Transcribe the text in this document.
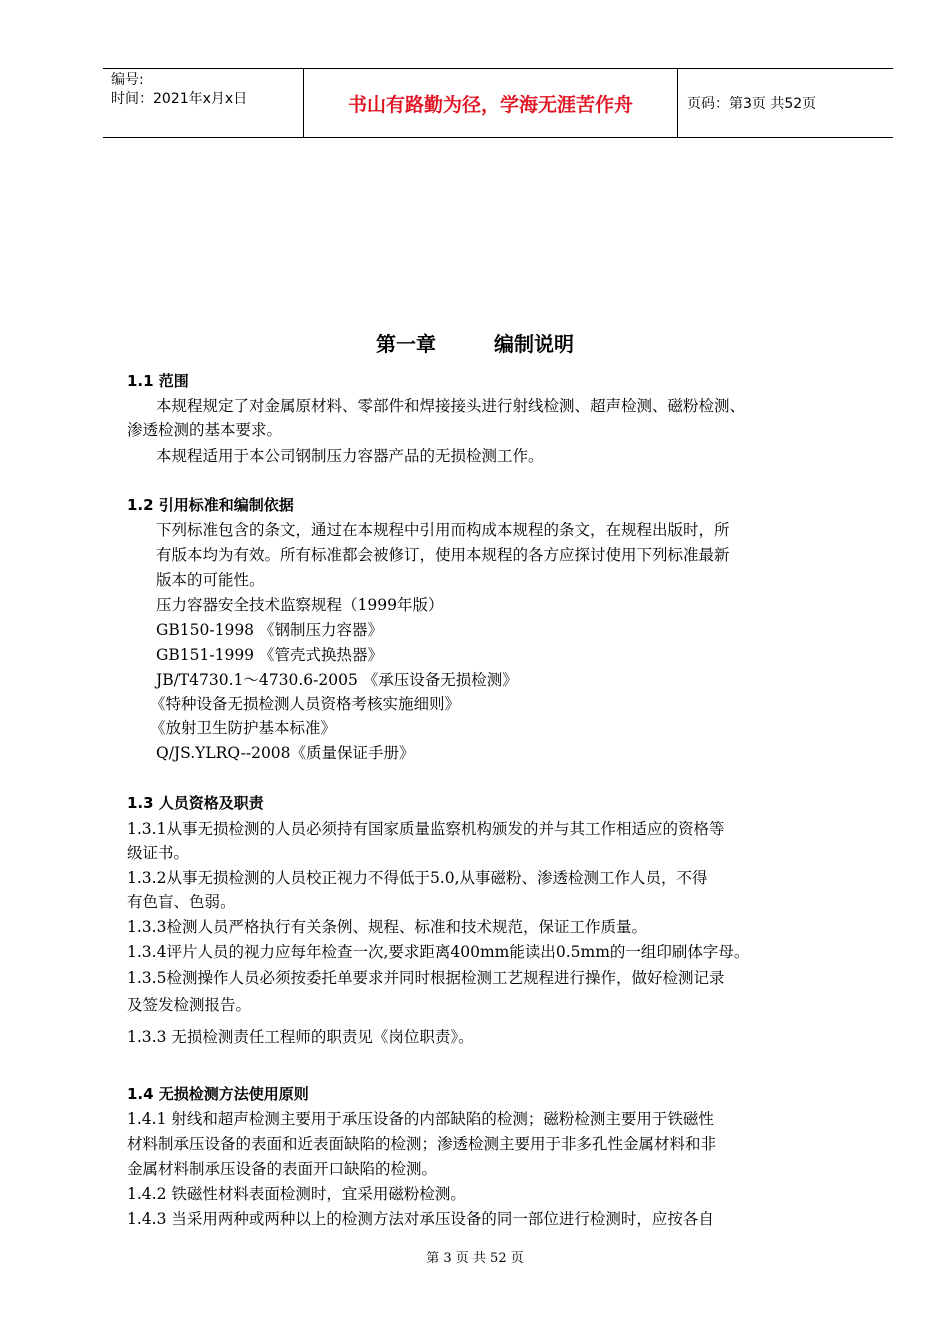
编号:
时间：2021年x月x日	书山有路勤为径，学海无涯苦作舟	页码：第3页 共52页
第一章	编制说明
1.1 范围
本规程规定了对金属原材料、零部件和焊接接头进行射线检测、超声检测、磁粉检测、
渗透检测的基本要求。
本规程适用于本公司钢制压力容器产品的无损检测工作。
1.2 引用标准和编制依据
下列标准包含的条文，通过在本规程中引用而构成本规程的条文，在规程出版时，所
有版本均为有效。所有标准都会被修订，使用本规程的各方应探讨使用下列标准最新
版本的可能性。
压力容器安全技术监察规程（1999年版）
GB150-1998 《钢制压力容器》
GB151-1999 《管壳式换热器》
JB/T4730.1～4730.6-2005 《承压设备无损检测》
《特种设备无损检测人员资格考核实施细则》
《放射卫生防护基本标准》
Q/JS.YLRQ--2008《质量保证手册》
1.3 人员资格及职责
1.3.1从事无损检测的人员必须持有国家质量监察机构颁发的并与其工作相适应的资格等
级证书。
1.3.2从事无损检测的人员校正视力不得低于5.0,从事磁粉、渗透检测工作人员，不得
有色盲、色弱。
1.3.3检测人员严格执行有关条例、规程、标准和技术规范，保证工作质量。
1.3.4评片人员的视力应每年检查一次,要求距离400mm能读出0.5mm的一组印刷体字母。
1.3.5检测操作人员必须按委托单要求并同时根据检测工艺规程进行操作，做好检测记录
及签发检测报告。
1.3.3 无损检测责任工程师的职责见《岗位职责》。
1.4 无损检测方法使用原则
1.4.1 射线和超声检测主要用于承压设备的内部缺陷的检测；磁粉检测主要用于铁磁性
材料制承压设备的表面和近表面缺陷的检测；渗透检测主要用于非多孔性金属材料和非
金属材料制承压设备的表面开口缺陷的检测。
1.4.2 铁磁性材料表面检测时，宜采用磁粉检测。
1.4.3 当采用两种或两种以上的检测方法对承压设备的同一部位进行检测时，应按各自
第 3 页 共 52 页
